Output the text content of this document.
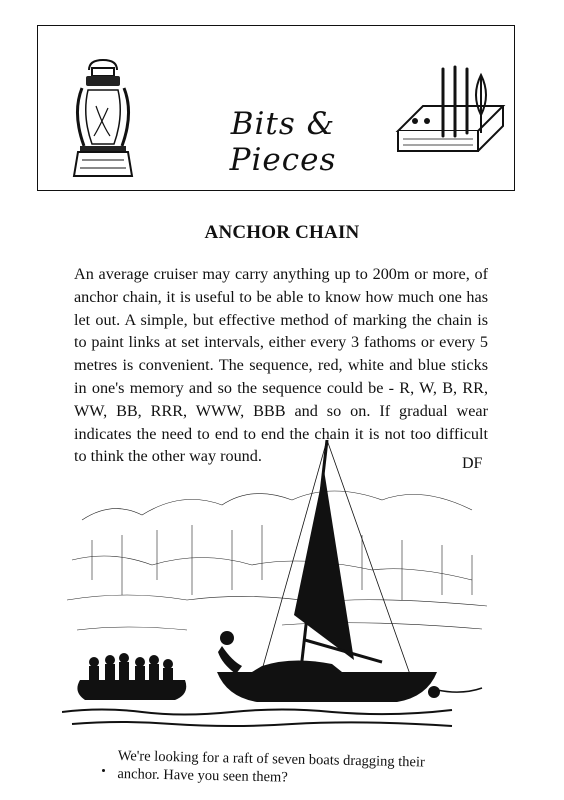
Bits & Pieces
ANCHOR CHAIN
An average cruiser may carry anything up to 200m or more, of anchor chain, it is useful to be able to know how much one has let out. A simple, but effective method of marking the chain is to paint links at set intervals, either every 3 fathoms or every 5 metres is convenient. The sequence, red, white and blue sticks in one's memory and so the sequence could be - R, W, B, RR, WW, BB, RRR, WWW, BBB and so on. If gradual wear indicates the need to end to end the chain it is not too difficult to think the other way round.	DF
We're looking for a raft of seven boats dragging their anchor. Have you seen them?
